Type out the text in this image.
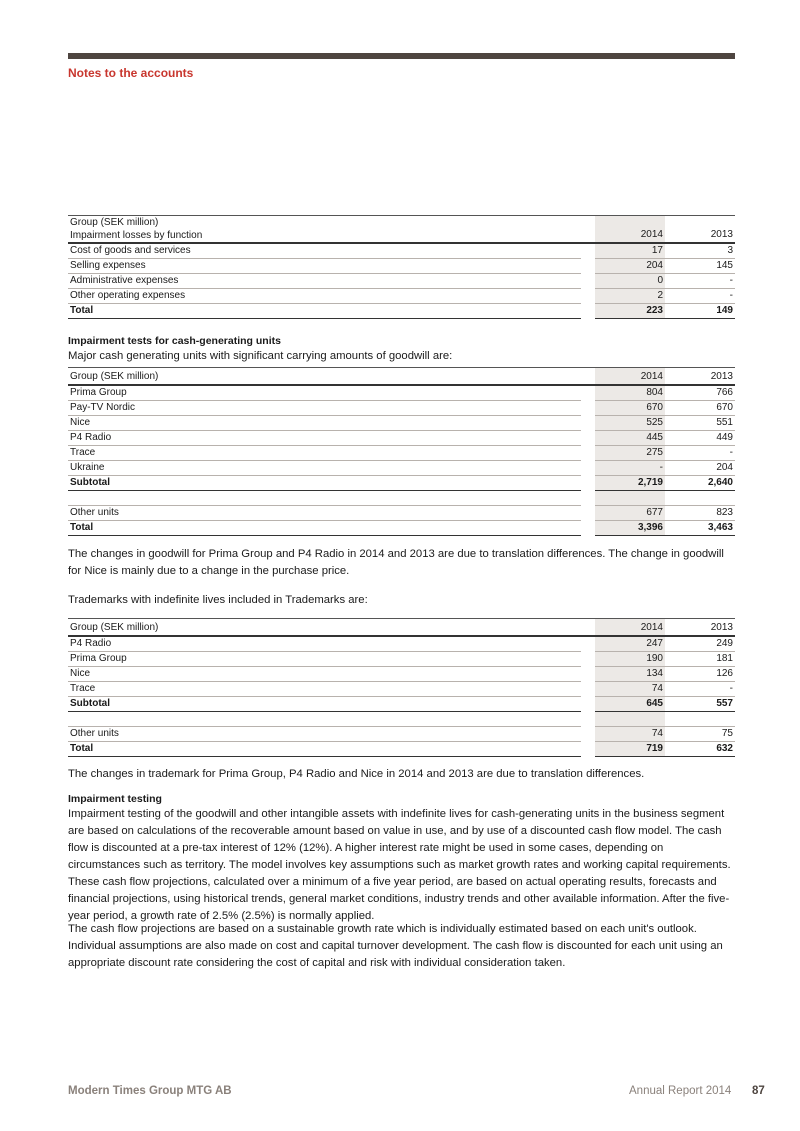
Notes to the accounts
Group (SEK million)
Impairment losses by function		2014	2013
Cost of goods and services		17	3
Selling expenses		204	145
Administrative expenses		0	-
Other operating expenses		2	-
Total		223	149
Impairment tests for cash-generating units
Major cash generating units with significant carrying amounts of goodwill are:
Group (SEK million)		2014	2013
Prima Group		804	766
Pay-TV Nordic		670	670
Nice		525	551
P4 Radio		445	449
Trace		275	-
Ukraine		-	204
Subtotal		2,719	2,640

Other units		677	823
Total		3,396	3,463
The changes in goodwill for Prima Group and P4 Radio in 2014 and 2013 are due to translation differences. The change in goodwill for Nice is mainly due to a change in the purchase price.
Trademarks with indefinite lives included in Trademarks are:
Group (SEK million)		2014	2013
P4 Radio		247	249
Prima Group		190	181
Nice		134	126
Trace		74	-
Subtotal		645	557

Other units		74	75
Total		719	632
The changes in trademark for Prima Group, P4 Radio and Nice in 2014 and 2013 are due to translation differences.
Impairment testing
Impairment testing of the goodwill and other intangible assets with indefinite lives for cash-generating units in the business segment are based on calculations of the recoverable amount based on value in use, and by use of a discounted cash flow model. The cash flow is discounted at a pre-tax interest of 12% (12%). A higher interest rate might be used in some cases, depending on circumstances such as territory. The model involves key assumptions such as market growth rates and working capital requirements. These cash flow projections, calculated over a minimum of a five year period, are based on actual operating results, forecasts and financial projections, using historical trends, general market conditions, industry trends and other available information. After the five-year period, a growth rate of 2.5% (2.5%) is normally applied.
The cash flow projections are based on a sustainable growth rate which is individually estimated based on each unit's outlook. Individual assumptions are also made on cost and capital turnover development. The cash flow is discounted for each unit using an appropriate discount rate considering the cost of capital and risk with individual consideration taken.
Modern Times Group MTG AB	Annual Report 2014 87
